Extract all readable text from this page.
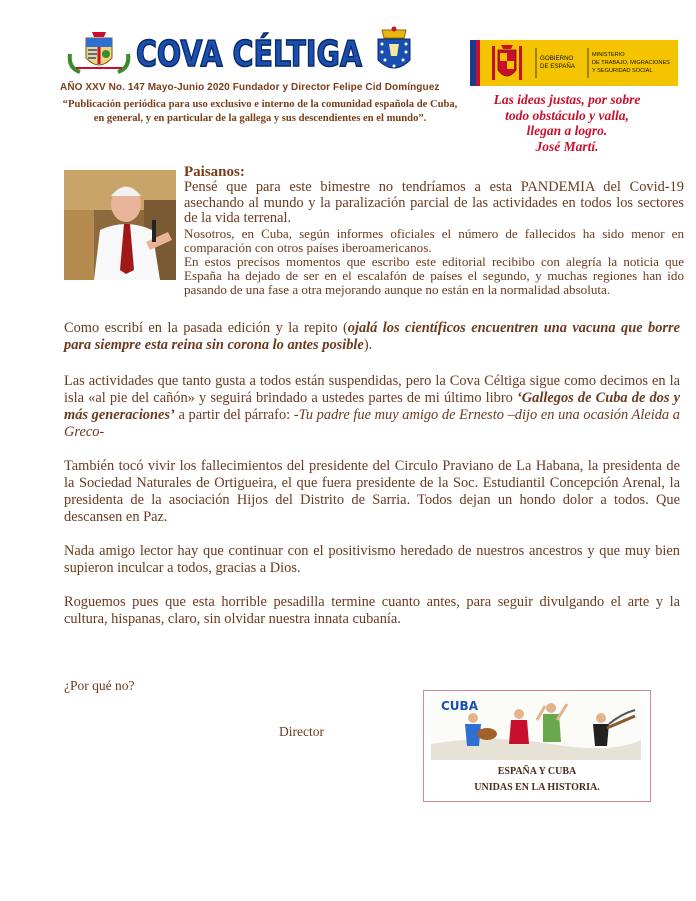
COVA CÉLTIGA
AÑO XXV No. 147 Mayo-Junio 2020 Fundador y Director Felipe Cid Domínguez
“Publicación periódica para uso exclusivo e interno de la comunidad española de Cuba, en general, y en particular de la gallega y sus descendientes en el mundo”.
GOBIERNO DE ESPAÑA
MINISTERIO DE TRABAJO, MIGRACIONES Y SEGURIDAD SOCIAL
Las ideas justas, por sobre
todo obstáculo y valla,
llegan a logro.
José Martí.
Paisanos:

Pensé que para este bimestre no tendríamos a esta PANDEMIA del Covid-19 asechando al mundo y la paralización parcial de las actividades en todos los sectores de la vida terrenal.

Nosotros, en Cuba, según informes oficiales el número de fallecidos ha sido menor en comparación con otros países iberoamericanos.

En estos precisos momentos que escribo este editorial recibibo con alegría la noticia que España ha dejado de ser en el escalafón de países el segundo, y muchas regiones han ido pasando de una fase a otra mejorando aunque no están en la normalidad absoluta.

Como escribí en la pasada edición y la repito (ojalá los científicos encuentren una vacuna que borre para siempre esta reina sin corona lo antes posible).

Las actividades que tanto gusta a todos están suspendidas, pero la Cova Céltiga sigue como decimos en la isla «al pie del cañón» y seguirá brindado a ustedes partes de mi último libro ‘Gallegos de Cuba de dos y más generaciones’ a partir del párrafo: -Tu padre fue muy amigo de Ernesto –dijo en una ocasión Aleida a Greco-

También tocó vivir los fallecimientos del presidente del Circulo Praviano de La Habana, la presidenta de la Sociedad Naturales de Ortigueira, el que fuera presidente de la Soc. Estudiantil Concepción Arenal, la presidenta de la asociación Hijos del Distrito de Sarria. Todos dejan un hondo dolor a todos. Que descansen en Paz.

Nada amigo lector hay que continuar con el positivismo heredado de nuestros ancestros y que muy bien supieron inculcar a todos, gracias a Dios.

Roguemos pues que esta horrible pesadilla termine cuanto antes, para seguir divulgando el arte y la cultura, hispanas, claro, sin olvidar nuestra innata cubanía.

¿Por qué no?
Director
CUBA
ESPAÑA Y CUBA
UNIDAS EN LA HISTORIA.
